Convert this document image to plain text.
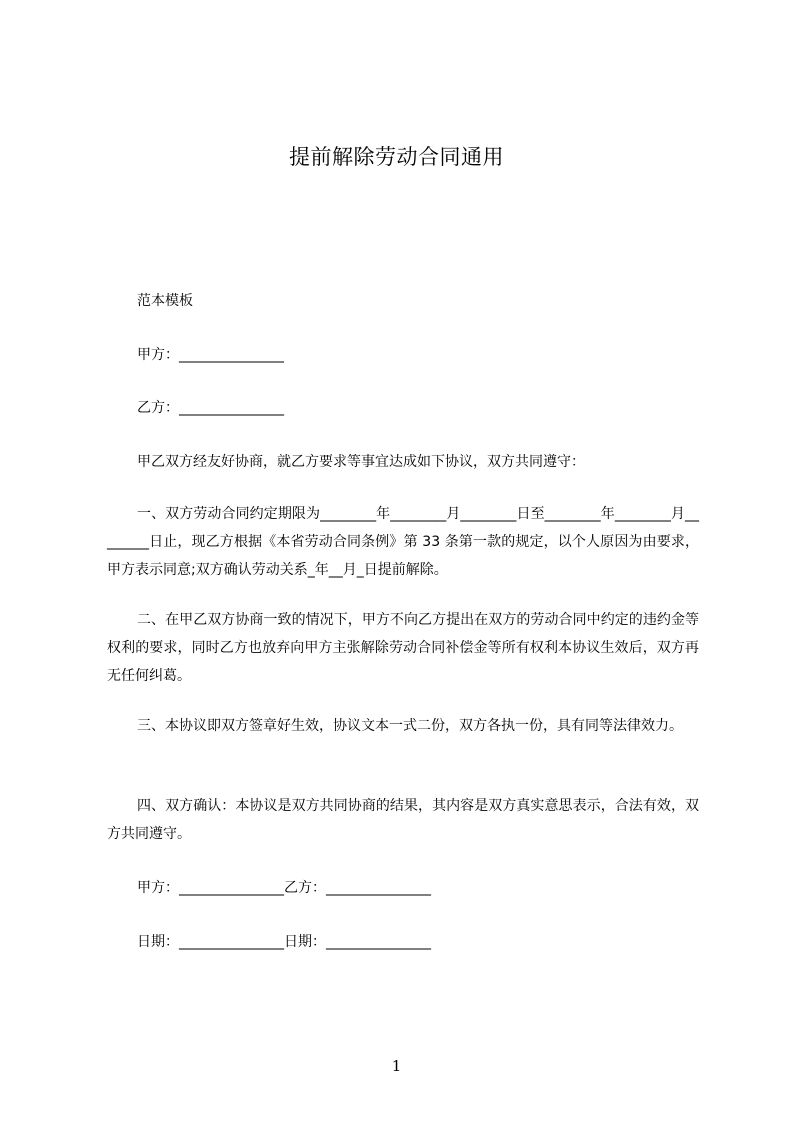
提前解除劳动合同通用
范本模板
甲方：_______________
乙方：_______________
甲乙双方经友好协商，就乙方要求等事宜达成如下协议，双方共同遵守：
一、双方劳动合同约定期限为________年________月________日至________年________月________日止，现乙方根据《本省劳动合同条例》第 33 条第一款的规定，以个人原因为由要求，甲方表示同意;双方确认劳动关系_年__月_日提前解除。
二、在甲乙双方协商一致的情况下，甲方不向乙方提出在双方的劳动合同中约定的违约金等权利的要求，同时乙方也放弃向甲方主张解除劳动合同补偿金等所有权利本协议生效后，双方再无任何纠葛。
三、本协议即双方签章好生效，协议文本一式二份，双方各执一份，具有同等法律效力。
四、双方确认：本协议是双方共同协商的结果，其内容是双方真实意思表示，合法有效，双方共同遵守。
甲方：_______________乙方：_______________
日期：_______________日期：_______________
1
